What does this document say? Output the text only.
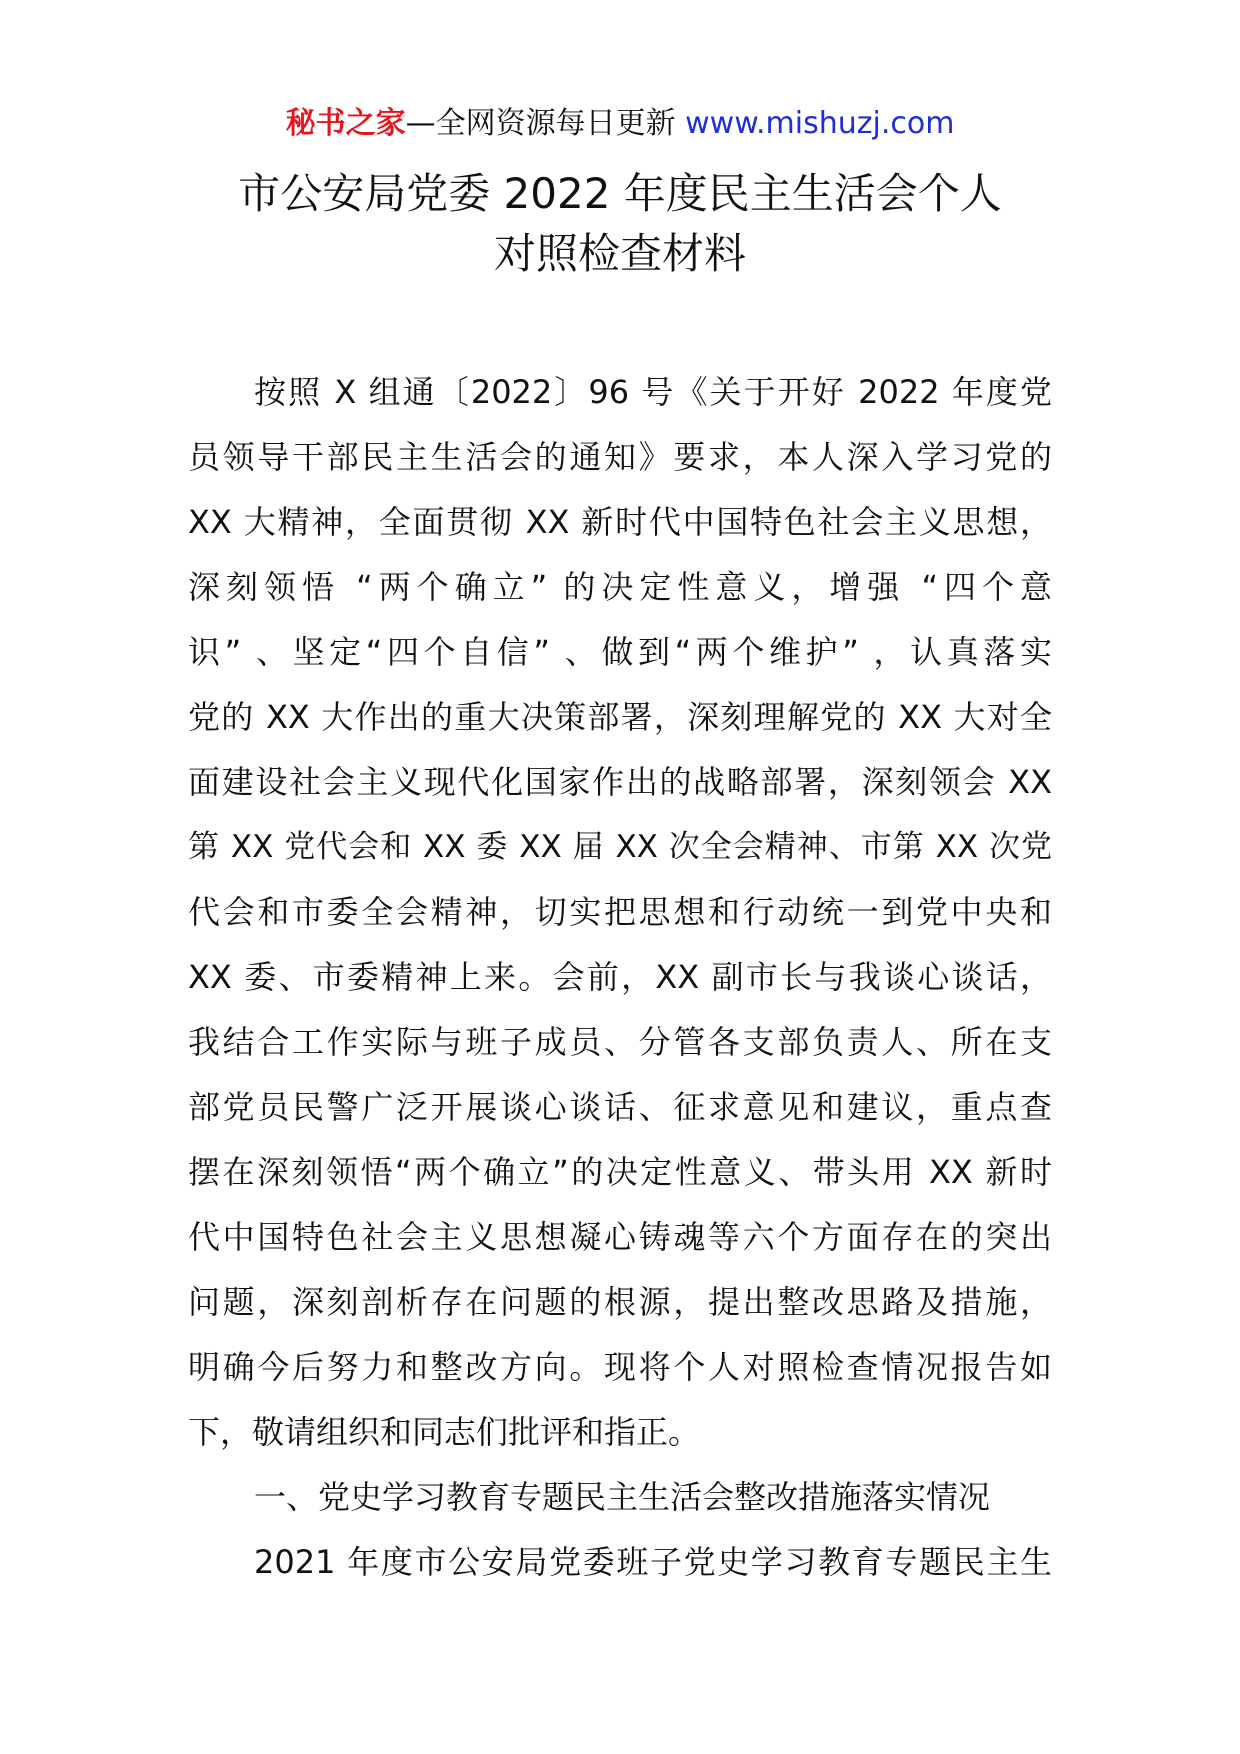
秘书之家—全网资源每日更新 www.mishuzj.com
市公安局党委 2022 年度民主生活会个人
对照检查材料
按照 X 组通〔2022〕96 号《关于开好 2022 年度党
员领导干部民主生活会的通知》要求，本人深入学习党的
XX 大精神，全面贯彻 XX 新时代中国特色社会主义思想，
深刻领悟 “两个确立” 的决定性意义，增强 “四个意
识” 、坚定“四个自信” 、做到“两个维护” ，认真落实
党的 XX 大作出的重大决策部署，深刻理解党的 XX 大对全
面建设社会主义现代化国家作出的战略部署，深刻领会 XX
第 XX 党代会和 XX 委 XX 届 XX 次全会精神、市第 XX 次党
代会和市委全会精神，切实把思想和行动统一到党中央和
XX 委、市委精神上来。会前，XX 副市长与我谈心谈话，
我结合工作实际与班子成员、分管各支部负责人、所在支
部党员民警广泛开展谈心谈话、征求意见和建议，重点查
摆在深刻领悟“两个确立”的决定性意义、带头用 XX 新时
代中国特色社会主义思想凝心铸魂等六个方面存在的突出
问题，深刻剖析存在问题的根源，提出整改思路及措施，
明确今后努力和整改方向。现将个人对照检查情况报告如
下，敬请组织和同志们批评和指正。
一、党史学习教育专题民主生活会整改措施落实情况
2021 年度市公安局党委班子党史学习教育专题民主生
